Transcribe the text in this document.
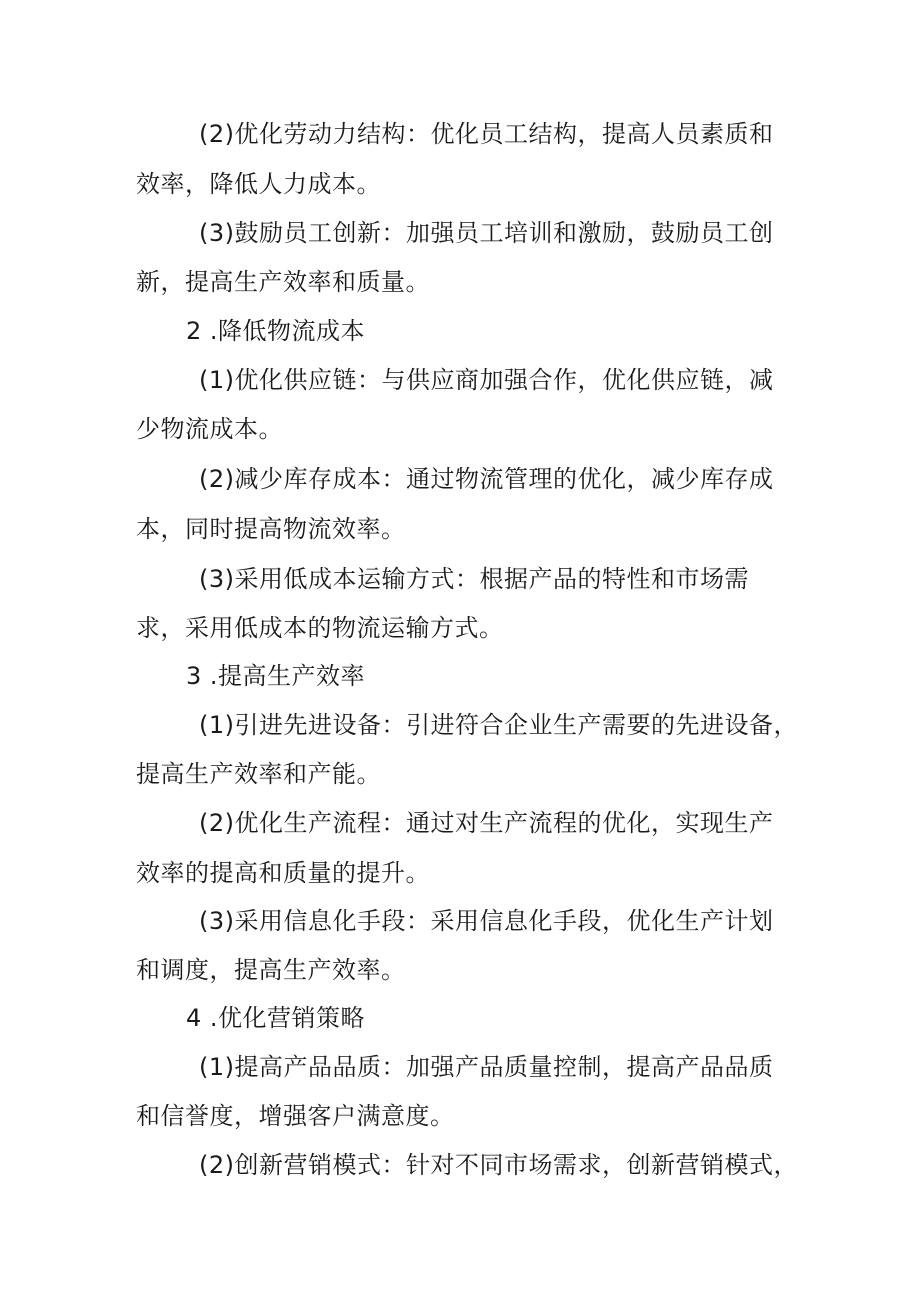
(2)优化劳动力结构：优化员工结构，提高人员素质和
效率，降低人力成本。
(3)鼓励员工创新：加强员工培训和激励，鼓励员工创
新，提高生产效率和质量。
2 .降低物流成本
(1)优化供应链：与供应商加强合作，优化供应链，减
少物流成本。
(2)减少库存成本：通过物流管理的优化，减少库存成
本，同时提高物流效率。
(3)采用低成本运输方式：根据产品的特性和市场需
求，采用低成本的物流运输方式。
3 .提高生产效率
(1)引进先进设备：引进符合企业生产需要的先进设备，
提高生产效率和产能。
(2)优化生产流程：通过对生产流程的优化，实现生产
效率的提高和质量的提升。
(3)采用信息化手段：采用信息化手段，优化生产计划
和调度，提高生产效率。
4 .优化营销策略
(1)提高产品品质：加强产品质量控制，提高产品品质
和信誉度，增强客户满意度。
(2)创新营销模式：针对不同市场需求，创新营销模式，
